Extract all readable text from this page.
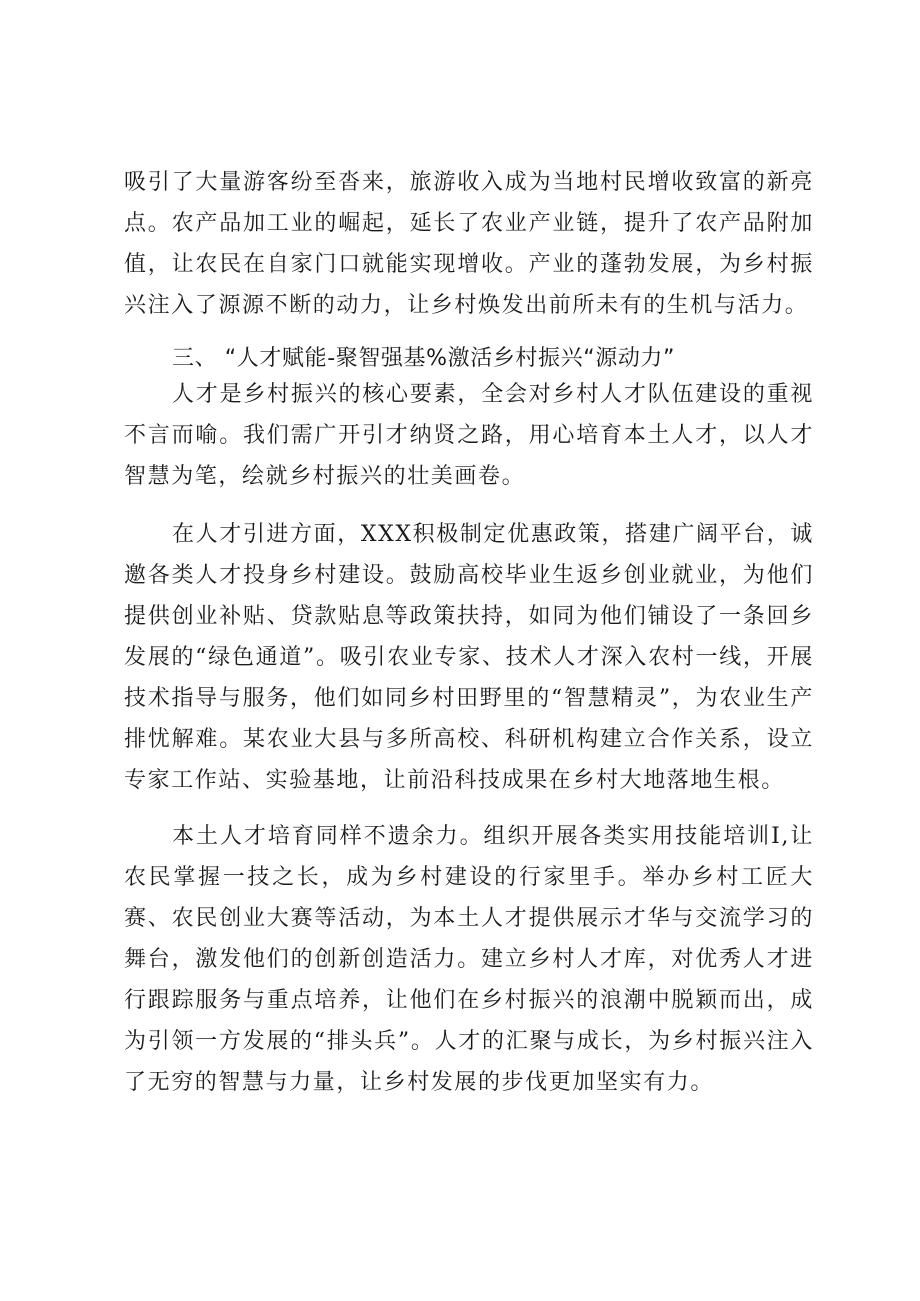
吸引了大量游客纷至沓来，旅游收入成为当地村民增收致富的新亮点。农产品加工业的崛起，延长了农业产业链，提升了农产品附加值，让农民在自家门口就能实现增收。产业的蓬勃发展，为乡村振兴注入了源源不断的动力，让乡村焕发出前所未有的生机与活力。

三、 “人才赋能-聚智强基%激活乡村振兴“源动力”

人才是乡村振兴的核心要素，全会对乡村人才队伍建设的重视不言而喻。我们需广开引才纳贤之路，用心培育本土人才，以人才智慧为笔，绘就乡村振兴的壮美画卷。

在人才引进方面，XXX积极制定优惠政策，搭建广阔平台，诚邀各类人才投身乡村建设。鼓励高校毕业生返乡创业就业，为他们提供创业补贴、贷款贴息等政策扶持，如同为他们铺设了一条回乡发展的“绿色通道”。吸引农业专家、技术人才深入农村一线，开展技术指导与服务，他们如同乡村田野里的“智慧精灵”，为农业生产排忧解难。某农业大县与多所高校、科研机构建立合作关系，设立专家工作站、实验基地，让前沿科技成果在乡村大地落地生根。

本土人才培育同样不遗余力。组织开展各类实用技能培训I,让农民掌握一技之长，成为乡村建设的行家里手。举办乡村工匠大赛、农民创业大赛等活动，为本土人才提供展示才华与交流学习的舞台，激发他们的创新创造活力。建立乡村人才库，对优秀人才进行跟踪服务与重点培养，让他们在乡村振兴的浪潮中脱颖而出，成为引领一方发展的“排头兵”。人才的汇聚与成长，为乡村振兴注入了无穷的智慧与力量，让乡村发展的步伐更加坚实有力。
